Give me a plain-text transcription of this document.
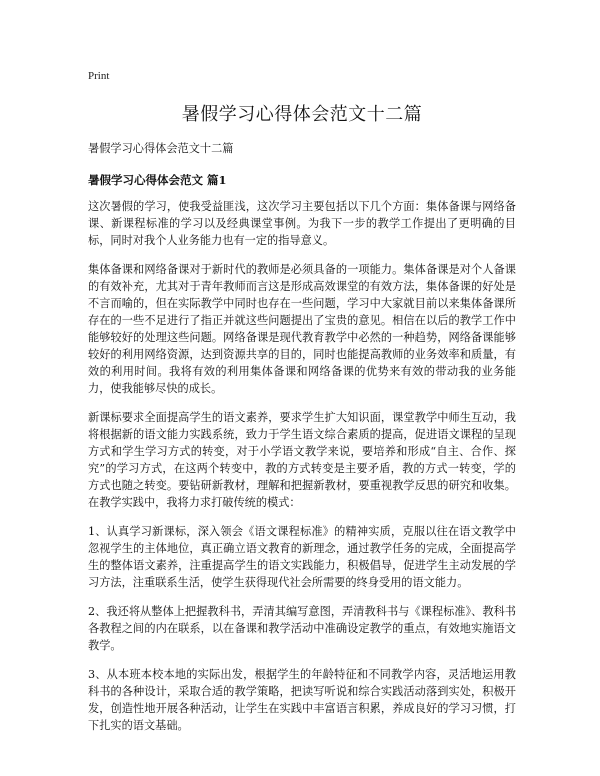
Print
暑假学习心得体会范文十二篇

暑假学习心得体会范文十二篇

暑假学习心得体会范文 篇1

这次暑假的学习，使我受益匪浅，这次学习主要包括以下几个方面：集体备课与网络备课、新课程标准的学习以及经典课堂事例。为我下一步的教学工作提出了更明确的目标，同时对我个人业务能力也有一定的指导意义。

集体备课和网络备课对于新时代的教师是必须具备的一项能力。集体备课是对个人备课的有效补充，尤其对于青年教师而言这是形成高效课堂的有效方法，集体备课的好处是不言而喻的，但在实际教学中同时也存在一些问题，学习中大家就目前以来集体备课所存在的一些不足进行了指正并就这些问题提出了宝贵的意见。相信在以后的教学工作中能够较好的处理这些问题。网络备课是现代教育教学中必然的一种趋势，网络备课能够较好的利用网络资源，达到资源共享的目的，同时也能提高教师的业务效率和质量，有效的利用时间。我将有效的利用集体备课和网络备课的优势来有效的带动我的业务能力，使我能够尽快的成长。

新课标要求全面提高学生的语文素养，要求学生扩大知识面，课堂教学中师生互动，我将根据新的语文能力实践系统，致力于学生语文综合素质的提高，促进语文课程的呈现方式和学生学习方式的转变，对于小学语文教学来说，要培养和形成“自主、合作、探究”的学习方式，在这两个转变中，教的方式转变是主要矛盾，教的方式一转变，学的方式也随之转变。要钻研新教材，理解和把握新教材，要重视教学反思的研究和收集。在教学实践中，我将力求打破传统的模式：

1、认真学习新课标，深入领会《语文课程标准》的精神实质，克服以往在语文教学中忽视学生的主体地位，真正确立语文教育的新理念，通过教学任务的完成，全面提高学生的整体语文素养，注重提高学生的语文实践能力，积极倡导，促进学生主动发展的学习方法，注重联系生活，使学生获得现代社会所需要的终身受用的语文能力。

2、我还将从整体上把握教科书，弄清其编写意图，弄清教科书与《课程标准》、教科书各教程之间的内在联系，以在备课和教学活动中准确设定教学的重点，有效地实施语文教学。

3、从本班本校本地的实际出发，根据学生的年龄特征和不同教学内容，灵活地运用教科书的各种设计，采取合适的教学策略，把读写听说和综合实践活动落到实处，积极开发，创造性地开展各种活动，让学生在实践中丰富语言积累，养成良好的学习习惯，打下扎实的语文基础。
